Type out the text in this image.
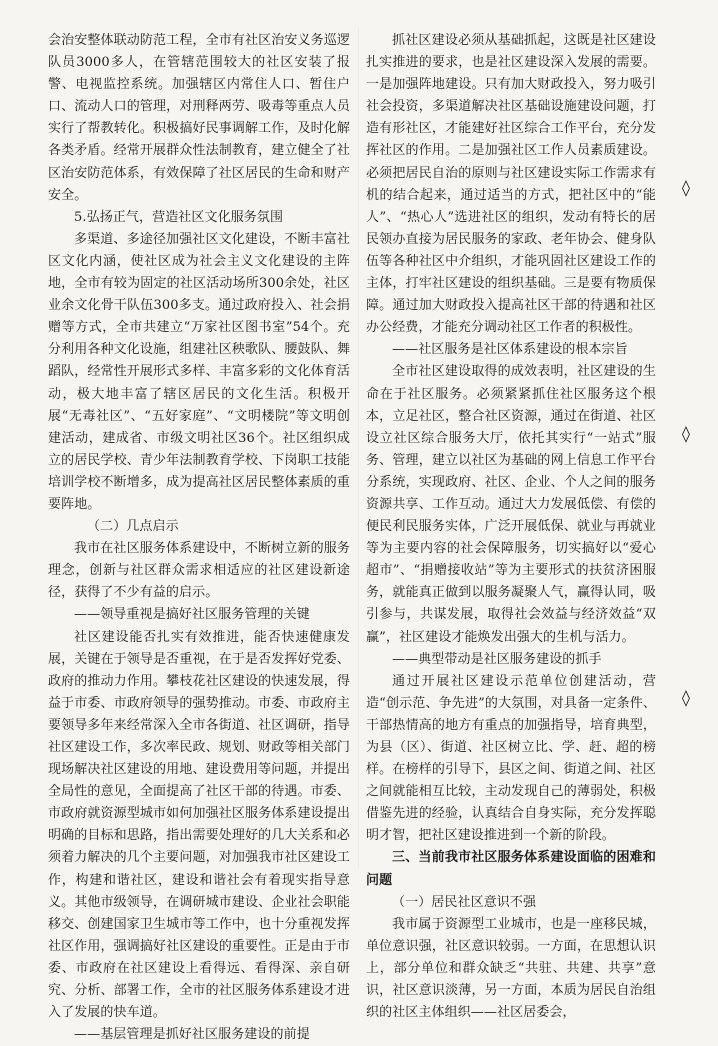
会治安整体联动防范工程，全市有社区治安义务巡逻队员3000多人，在管辖范围较大的社区安装了报警、电视监控系统。加强辖区内常住人口、暂住户口、流动人口的管理，对刑释两劳、吸毒等重点人员实行了帮教转化。积极搞好民事调解工作，及时化解各类矛盾。经常开展群众性法制教育，建立健全了社区治安防范体系，有效保障了社区居民的生命和财产安全。

5.弘扬正气，营造社区文化服务氛围

多渠道、多途径加强社区文化建设，不断丰富社区文化内涵，使社区成为社会主义文化建设的主阵地，全市有较为固定的社区活动场所300余处，社区业余文化骨干队伍300多支。通过政府投入、社会捐赠等方式，全市共建立“万家社区图书室”54个。充分利用各种文化设施，组建社区秧歌队、腰鼓队、舞蹈队，经常性开展形式多样、丰富多彩的文化体育活动，极大地丰富了辖区居民的文化生活。积极开展“无毒社区”、“五好家庭”、“文明楼院”等文明创建活动，建成省、市级文明社区36个。社区组织成立的居民学校、青少年法制教育学校、下岗职工技能培训学校不断增多，成为提高社区居民整体素质的重要阵地。

（二）几点启示

我市在社区服务体系建设中，不断树立新的服务理念，创新与社区群众需求相适应的社区建设新途径，获得了不少有益的启示。

——领导重视是搞好社区服务管理的关键

社区建设能否扎实有效推进，能否快速健康发展，关键在于领导是否重视，在于是否发挥好党委、政府的推动力作用。攀枝花社区建设的快速发展，得益于市委、市政府领导的强势推动。市委、市政府主要领导多年来经常深入全市各街道、社区调研，指导社区建设工作，多次率民政、规划、财政等相关部门现场解决社区建设的用地、建设费用等问题，并提出全局性的意见，全面提高了社区干部的待遇。市委、市政府就资源型城市如何加强社区服务体系建设提出明确的目标和思路，指出需要处理好的几大关系和必须着力解决的几个主要问题，对加强我市社区建设工作，构建和谐社区，建设和谐社会有着现实指导意义。其他市级领导，在调研城市建设、企业社会职能移交、创建国家卫生城市等工作中，也十分重视发挥社区作用，强调搞好社区建设的重要性。正是由于市委、市政府在社区建设上看得远、看得深、亲自研究、分析、部署工作，全市的社区服务体系建设才进入了发展的快车道。

——基层管理是抓好社区服务建设的前提

抓社区建设必须从基础抓起，这既是社区建设扎实推进的要求，也是社区建设深入发展的需要。一是加强阵地建设。只有加大财政投入，努力吸引社会投资，多渠道解决社区基础设施建设问题，打造有形社区，才能建好社区综合工作平台，充分发挥社区的作用。二是加强社区工作人员素质建设。必须把居民自治的原则与社区建设实际工作需求有机的结合起来，通过适当的方式，把社区中的“能人”、“热心人”选进社区的组织，发动有特长的居民领办直接为居民服务的家政、老年协会、健身队伍等各种社区中介组织，才能巩固社区建设工作的主体，打牢社区建设的组织基础。三是要有物质保障。通过加大财政投入提高社区干部的待遇和社区办公经费，才能充分调动社区工作者的积极性。

——社区服务是社区体系建设的根本宗旨

全市社区建设取得的成效表明，社区建设的生命在于社区服务。必须紧紧抓住社区服务这个根本，立足社区，整合社区资源，通过在街道、社区设立社区综合服务大厅，依托其实行“一站式”服务、管理，建立以社区为基础的网上信息工作平台分系统，实现政府、社区、企业、个人之间的服务资源共享、工作互动。通过大力发展低偿、有偿的便民利民服务实体，广泛开展低保、就业与再就业等为主要内容的社会保障服务，切实搞好以“爱心超市”、“捐赠接收站”等为主要形式的扶贫济困服务，就能真正做到以服务凝聚人气，赢得认同，吸引参与，共谋发展，取得社会效益与经济效益“双赢”，社区建设才能焕发出强大的生机与活力。

——典型带动是社区服务建设的抓手

通过开展社区建设示范单位创建活动，营造“创示范、争先进”的大氛围，对具备一定条件、干部热情高的地方有重点的加强指导，培育典型，为县（区）、街道、社区树立比、学、赶、超的榜样。在榜样的引导下，县区之间、街道之间、社区之间就能相互比较，主动发现自己的薄弱处，积极借鉴先进的经验，认真结合自身实际，充分发挥聪明才智，把社区建设推进到一个新的阶段。

三、当前我市社区服务体系建设面临的困难和问题

（一）居民社区意识不强

我市属于资源型工业城市，也是一座移民城，单位意识强，社区意识较弱。一方面，在思想认识上，部分单位和群众缺乏“共驻、共建、共享”意识，社区意识淡薄，另一方面，本质为居民自治组织的社区主体组织——社区居委会，

◊
◊
◊
